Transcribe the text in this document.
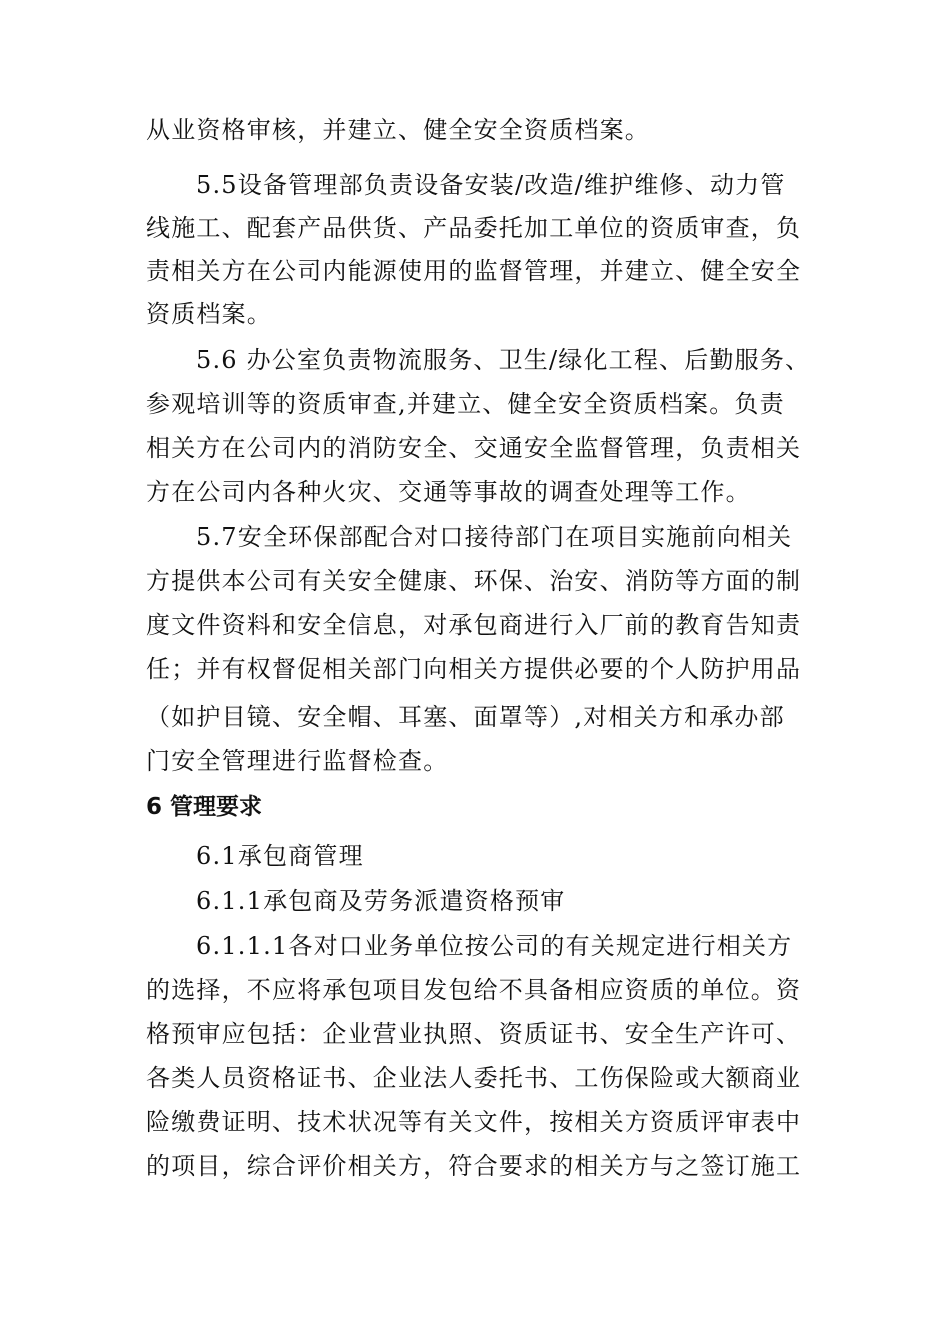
从业资格审核，并建立、健全安全资质档案。
5.5设备管理部负责设备安装/改造/维护维修、动力管
线施工、配套产品供货、产品委托加工单位的资质审查，负
责相关方在公司内能源使用的监督管理，并建立、健全安全
资质档案。
5.6 办公室负责物流服务、卫生/绿化工程、后勤服务、
参观培训等的资质审查,并建立、健全安全资质档案。负责
相关方在公司内的消防安全、交通安全监督管理，负责相关
方在公司内各种火灾、交通等事故的调查处理等工作。
5.7安全环保部配合对口接待部门在项目实施前向相关
方提供本公司有关安全健康、环保、治安、消防等方面的制
度文件资料和安全信息，对承包商进行入厂前的教育告知责
任；并有权督促相关部门向相关方提供必要的个人防护用品
（如护目镜、安全帽、耳塞、面罩等）,对相关方和承办部
门安全管理进行监督检查。
6 管理要求
6.1承包商管理
6.1.1承包商及劳务派遣资格预审
6.1.1.1各对口业务单位按公司的有关规定进行相关方
的选择，不应将承包项目发包给不具备相应资质的单位。资
格预审应包括：企业营业执照、资质证书、安全生产许可、
各类人员资格证书、企业法人委托书、工伤保险或大额商业
险缴费证明、技术状况等有关文件，按相关方资质评审表中
的项目，综合评价相关方，符合要求的相关方与之签订施工
